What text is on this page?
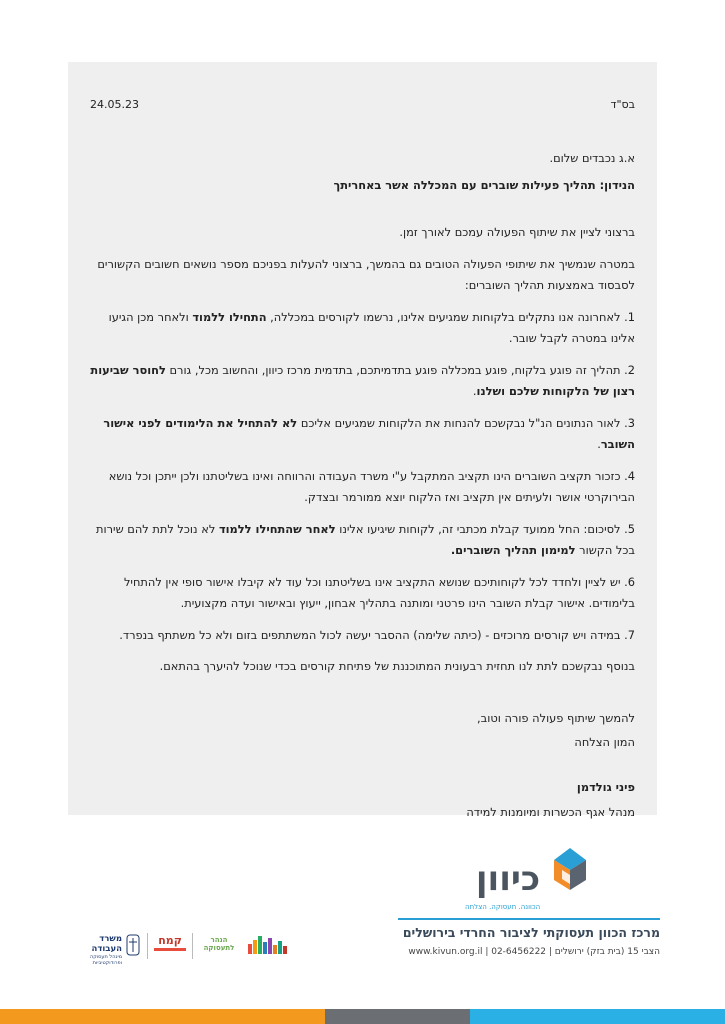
בס"ד
24.05.23
א.ג נכבדים שלום.
הנידון: תהליך פעילות שוברים עם המכללה אשר באחריתך
ברצוני לציין את שיתוף הפעולה עמכם לאורך זמן.
במטרה שנמשיך את שיתופי הפעולה הטובים גם בהמשך, ברצוני להעלות בפניכם מספר נושאים חשובים הקשורים לסבסוד באמצעות תהליך השוברים:
1. לאחרונה אנו נתקלים בלקוחות שמגיעים אלינו, נרשמו לקורסים במכללה, התחילו ללמוד ולאחר מכן הגיעו אלינו במטרה לקבל שובר.
2. תהליך זה פוגע בלקוח, פוגע במכללה פוגע בתדמיתכם, בתדמית מרכז כיוון, והחשוב מכל, גורם לחוסר שביעות רצון של הלקוחות שלכם ושלנו.
3. לאור הנתונים הנ"ל נבקשכם להנחות את הלקוחות שמגיעים אליכם לא להתחיל את הלימודים לפני אישור השובר.
4. כזכור תקציב השוברים הינו תקציב המתקבל ע"י משרד העבודה והרווחה ואינו בשליטתנו ולכן ייתכן וכל נושא הבירוקרטי אושר ולעיתים אין תקציב ואז הלקוח יוצא ממורמר ובצדק.
5. לסיכום: החל ממועד קבלת מכתבי זה, לקוחות שיגיעו אלינו לאחר שהתחילו ללמוד לא נוכל לתת להם שירות בכל הקשור למימון תהליך השוברים.
6. יש לציין ולחדד לכל לקוחותיכם שנושא התקציב אינו בשליטתנו וכל עוד לא קיבלו אישור סופי אין להתחיל בלימודים. אישור קבלת השובר הינו פרטני ומותנה בתהליך אבחון, ייעוץ ובאישור ועדה מקצועית.
7. במידה ויש קורסים מרוכזים - (כיתה שלימה) ההסבר יעשה לכול המשתתפים בזום ולא כל משתתף בנפרד.
בנוסף נבקשכם לתת לנו תחזית רבעונית המתוכננת של פתיחת קורסים בכדי שנוכל להיערך בהתאם.
להמשך שיתוף פעולה פורה וטוב,
המון הצלחה
פיני גולדמן
מנהל אגף הכשרות ומיומנות למידה
כיוון
הכוונה. תעסוקה. הצלחה
מרכז הכוון תעסוקתי לציבור החרדי בירושלים
הצבי 15 (בית בזק) ירושלים | 02-6456222 | www.kivun.org.il
משרד העבודה
מינהל תעסוקה ופרודוקטיביות
קמח	הנהר לתעסוקה
